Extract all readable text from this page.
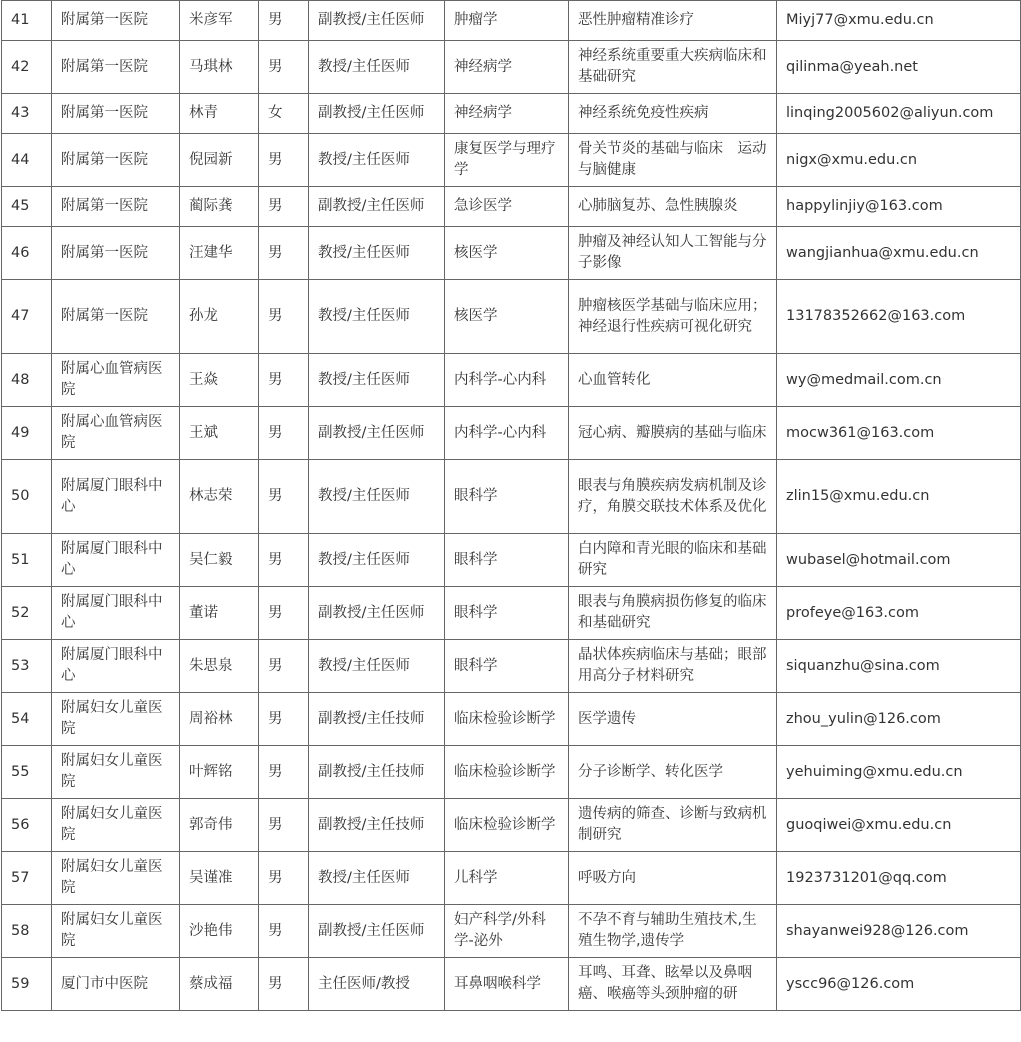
41	附属第一医院	米彦军	男	副教授/主任医师	肿瘤学	恶性肿瘤精准诊疗	Miyj77@xmu.edu.cn
42	附属第一医院	马琪林	男	教授/主任医师	神经病学	神经系统重要重大疾病临床和基础研究	qilinma@yeah.net
43	附属第一医院	林青	女	副教授/主任医师	神经病学	神经系统免疫性疾病	linqing2005602@aliyun.com
44	附属第一医院	倪园新	男	教授/主任医师	康复医学与理疗学	骨关节炎的基础与临床　运动与脑健康	nigx@xmu.edu.cn
45	附属第一医院	蔺际龚	男	副教授/主任医师	急诊医学	心肺脑复苏、急性胰腺炎	happylinjiy@163.com
46	附属第一医院	汪建华	男	教授/主任医师	核医学	肿瘤及神经认知人工智能与分子影像	wangjianhua@xmu.edu.cn
47	附属第一医院	孙龙	男	教授/主任医师	核医学	肿瘤核医学基础与临床应用；神经退行性疾病可视化研究	13178352662@163.com
48	附属心血管病医院	王焱	男	教授/主任医师	内科学-心内科	心血管转化	wy@medmail.com.cn
49	附属心血管病医院	王斌	男	副教授/主任医师	内科学-心内科	冠心病、瓣膜病的基础与临床	mocw361@163.com
50	附属厦门眼科中心	林志荣	男	教授/主任医师	眼科学	眼表与角膜疾病发病机制及诊疗，角膜交联技术体系及优化	zlin15@xmu.edu.cn
51	附属厦门眼科中心	吴仁毅	男	教授/主任医师	眼科学	白内障和青光眼的临床和基础研究	wubasel@hotmail.com
52	附属厦门眼科中心	董诺	男	副教授/主任医师	眼科学	眼表与角膜病损伤修复的临床和基础研究	profeye@163.com
53	附属厦门眼科中心	朱思泉	男	教授/主任医师	眼科学	晶状体疾病临床与基础；眼部用高分子材料研究	siquanzhu@sina.com
54	附属妇女儿童医院	周裕林	男	副教授/主任技师	临床检验诊断学	医学遗传	zhou_yulin@126.com
55	附属妇女儿童医院	叶辉铭	男	副教授/主任技师	临床检验诊断学	分子诊断学、转化医学	yehuiming@xmu.edu.cn
56	附属妇女儿童医院	郭奇伟	男	副教授/主任技师	临床检验诊断学	遗传病的筛查、诊断与致病机制研究	guoqiwei@xmu.edu.cn
57	附属妇女儿童医院	吴谨准	男	教授/主任医师	儿科学	呼吸方向	1923731201@qq.com
58	附属妇女儿童医院	沙艳伟	男	副教授/主任医师	妇产科学/外科学-泌外	不孕不育与辅助生殖技术,生殖生物学,遗传学	shayanwei928@126.com
59	厦门市中医院	蔡成福	男	主任医师/教授	耳鼻咽喉科学	耳鸣、耳聋、眩晕以及鼻咽癌、喉癌等头颈肿瘤的研	yscc96@126.com
